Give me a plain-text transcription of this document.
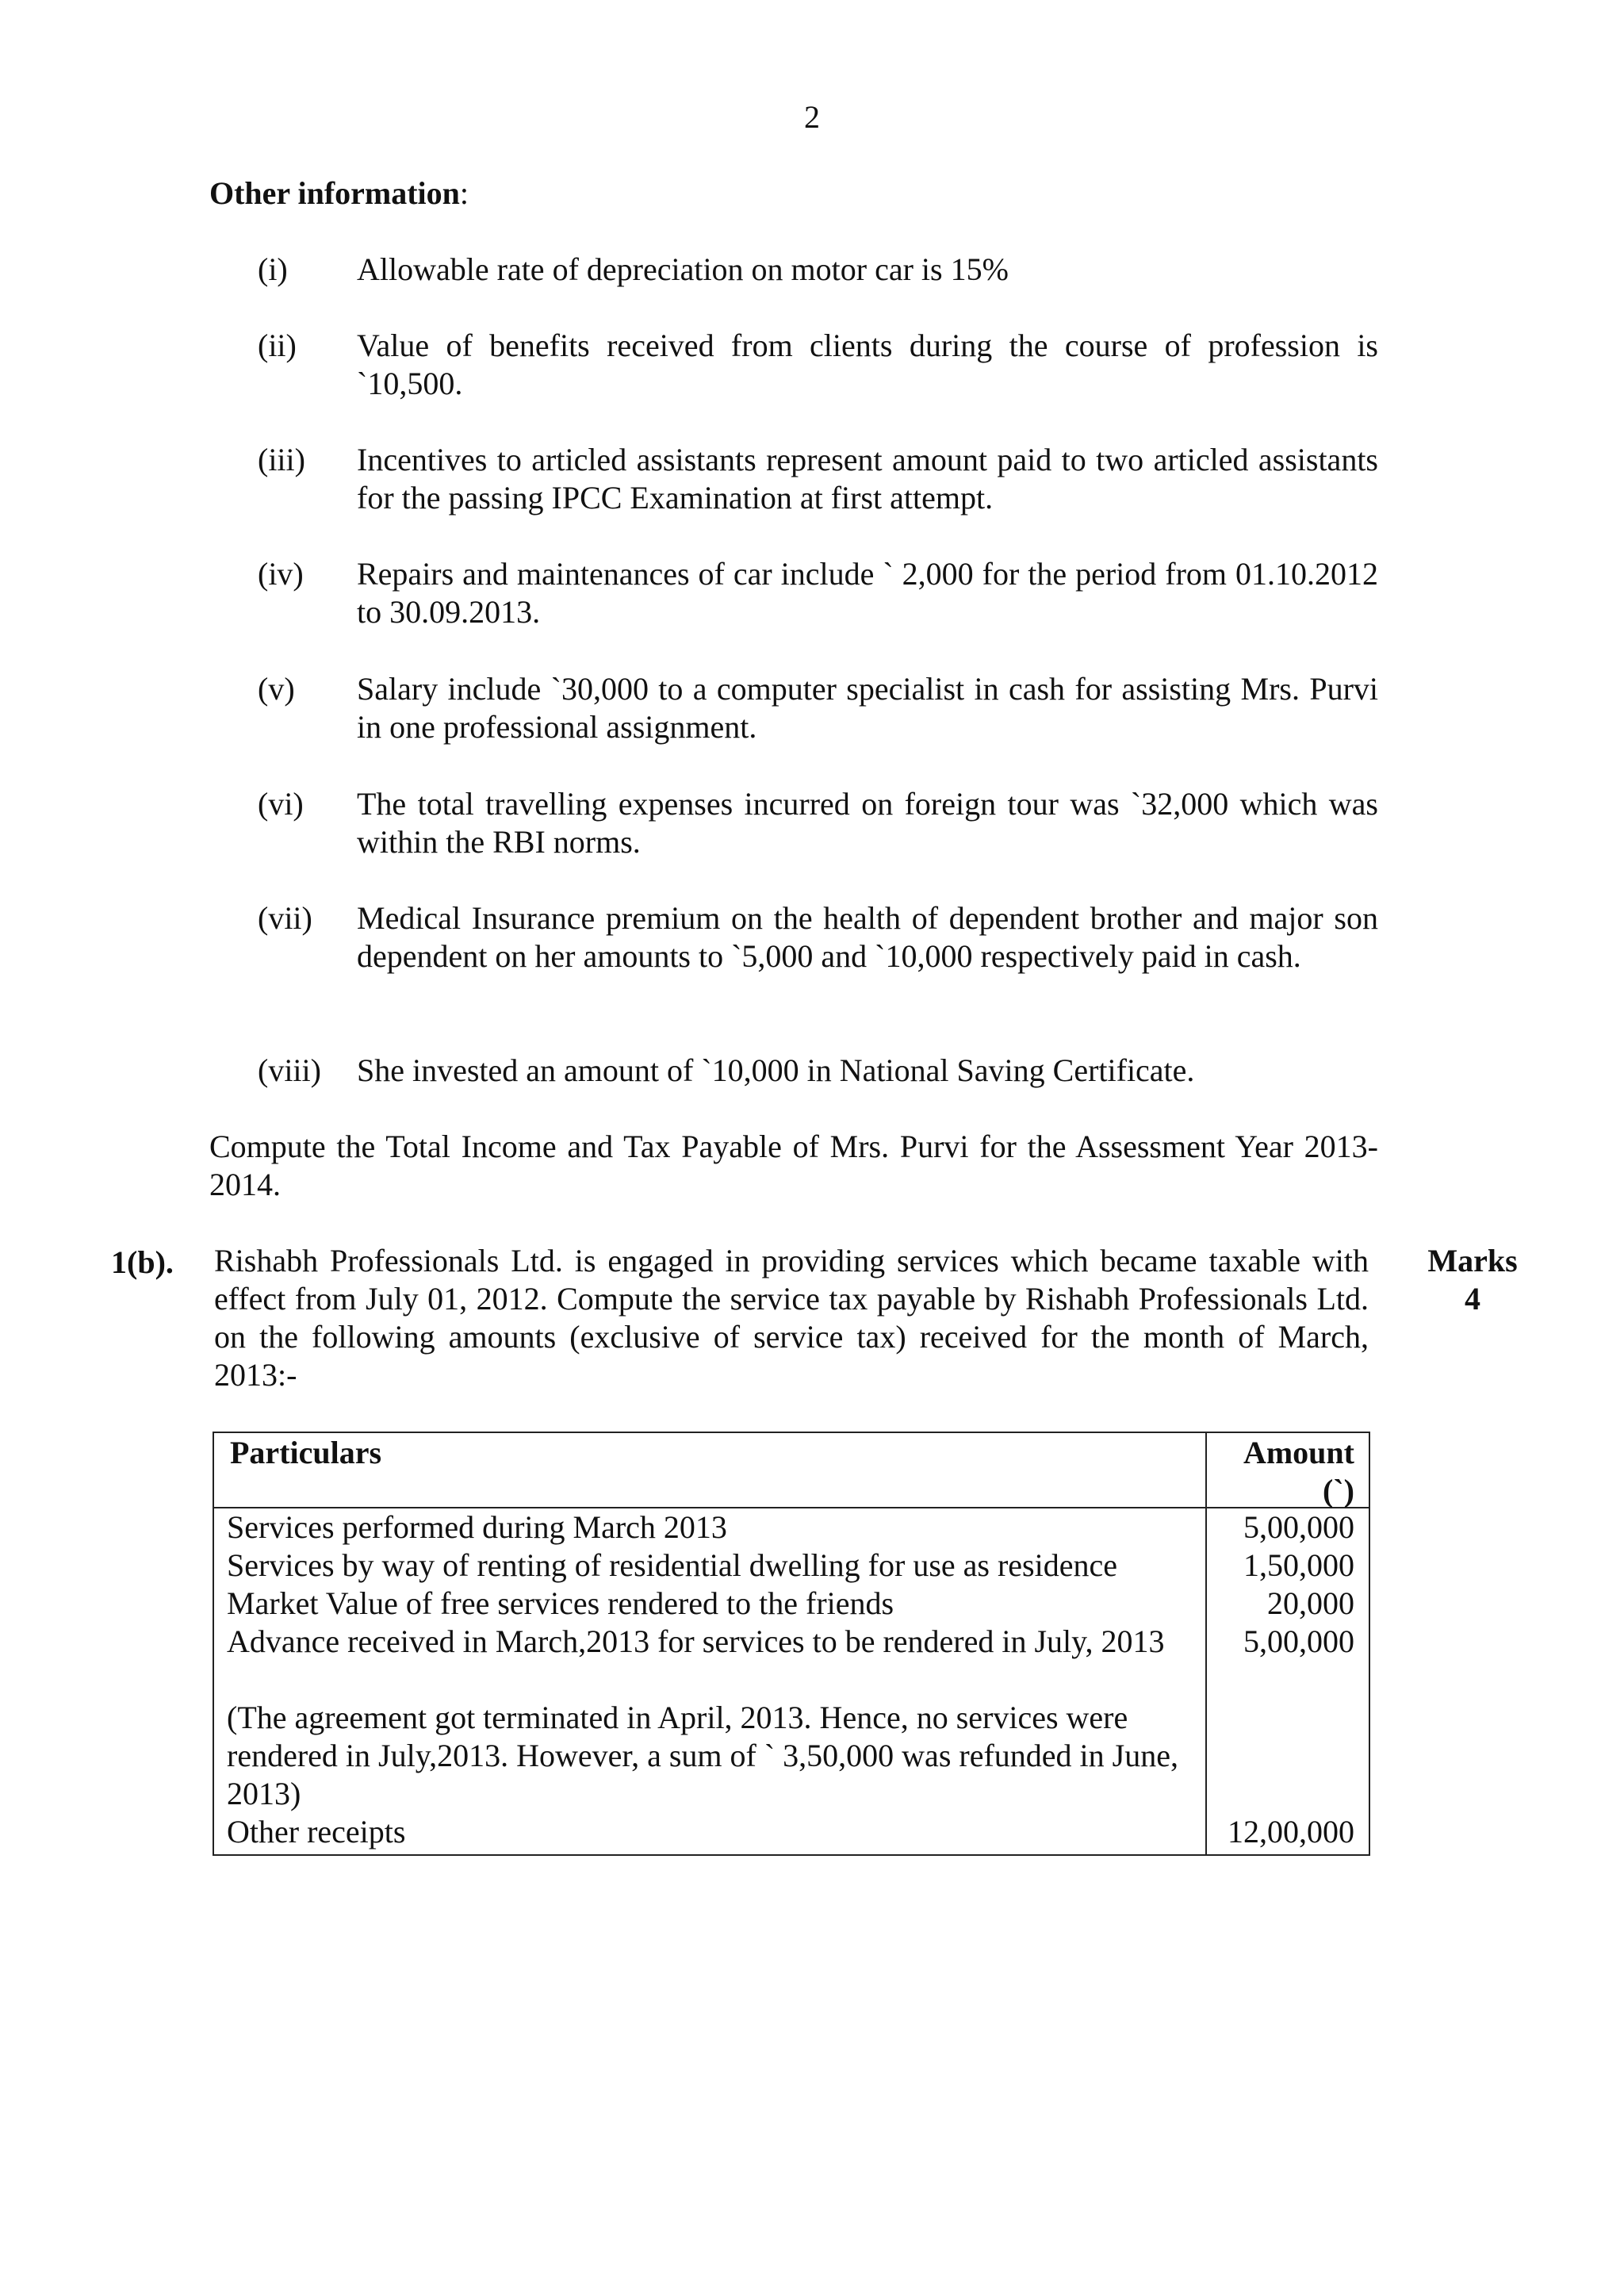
2
Other information:
(i)	Allowable rate of depreciation on motor car is 15%
(ii)	Value of benefits received from clients during the course of profession is `10,500.
(iii)	Incentives to articled assistants represent amount paid to two articled assistants for the passing IPCC Examination at first attempt.
(iv)	Repairs and maintenances of car include ` 2,000 for the period from 01.10.2012 to 30.09.2013.
(v)	Salary include `30,000 to a computer specialist in cash for assisting Mrs. Purvi in one professional assignment.
(vi)	The total travelling expenses incurred on foreign tour was `32,000 which was within the RBI norms.
(vii)	Medical Insurance premium on the health of dependent brother and major son dependent on her amounts to `5,000 and `10,000 respectively paid in cash.
(viii)	She invested an amount of `10,000 in National Saving Certificate.
Compute the Total Income and Tax Payable of Mrs. Purvi for the Assessment Year 2013-2014.
1(b). Rishabh Professionals Ltd. is engaged in providing services which became taxable with effect from July 01, 2012. Compute the service tax payable by Rishabh Professionals Ltd. on the following amounts (exclusive of service tax) received for the month of March, 2013:-
Marks
4
Particulars	Amount
(`)
Services performed during March 2013	5,00,000
Services by way of renting of residential dwelling for use as residence	1,50,000
Market Value of free services rendered to the friends	20,000
Advance received in March,2013 for services to be rendered in July, 2013	5,00,000
(The agreement got terminated in April, 2013. Hence, no services were rendered in July,2013. However, a sum of ` 3,50,000 was refunded in June, 2013)
Other receipts	12,00,000
